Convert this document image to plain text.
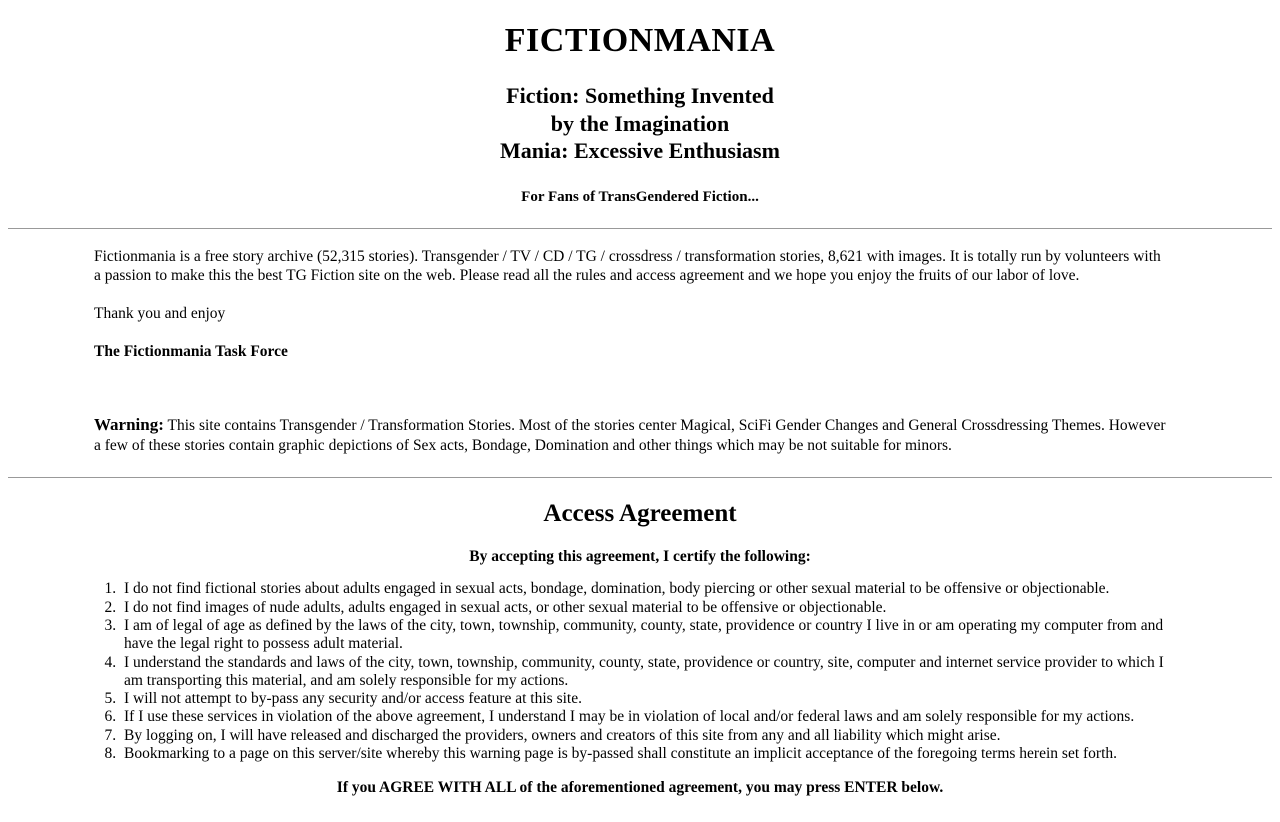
FICTIONMANIA
Fiction: Something Invented
by the Imagination
Mania: Excessive Enthusiasm
For Fans of TransGendered Fiction...

Fictionmania is a free story archive (52,315 stories). Transgender / TV / CD / TG / crossdress / transformation stories, 8,621 with images. It is totally run by volunteers with a passion to make this the best TG Fiction site on the web. Please read all the rules and access agreement and we hope you enjoy the fruits of our labor of love.

Thank you and enjoy

The Fictionmania Task Force

Warning: This site contains Transgender / Transformation Stories. Most of the stories center Magical, SciFi Gender Changes and General Crossdressing Themes. However a few of these stories contain graphic depictions of Sex acts, Bondage, Domination and other things which may be not suitable for minors.
Access Agreement
By accepting this agreement, I certify the following:
1. I do not find fictional stories about adults engaged in sexual acts, bondage, domination, body piercing or other sexual material to be offensive or objectionable.
2. I do not find images of nude adults, adults engaged in sexual acts, or other sexual material to be offensive or objectionable.
3. I am of legal of age as defined by the laws of the city, town, township, community, county, state, providence or country I live in or am operating my computer from and have the legal right to possess adult material.
4. I understand the standards and laws of the city, town, township, community, county, state, providence or country, site, computer and internet service provider to which I am transporting this material, and am solely responsible for my actions.
5. I will not attempt to by-pass any security and/or access feature at this site.
6. If I use these services in violation of the above agreement, I understand I may be in violation of local and/or federal laws and am solely responsible for my actions.
7. By logging on, I will have released and discharged the providers, owners and creators of this site from any and all liability which might arise.
8. Bookmarking to a page on this server/site whereby this warning page is by-passed shall constitute an implicit acceptance of the foregoing terms herein set forth.
If you AGREE WITH ALL of the aforementioned agreement, you may press ENTER below.
